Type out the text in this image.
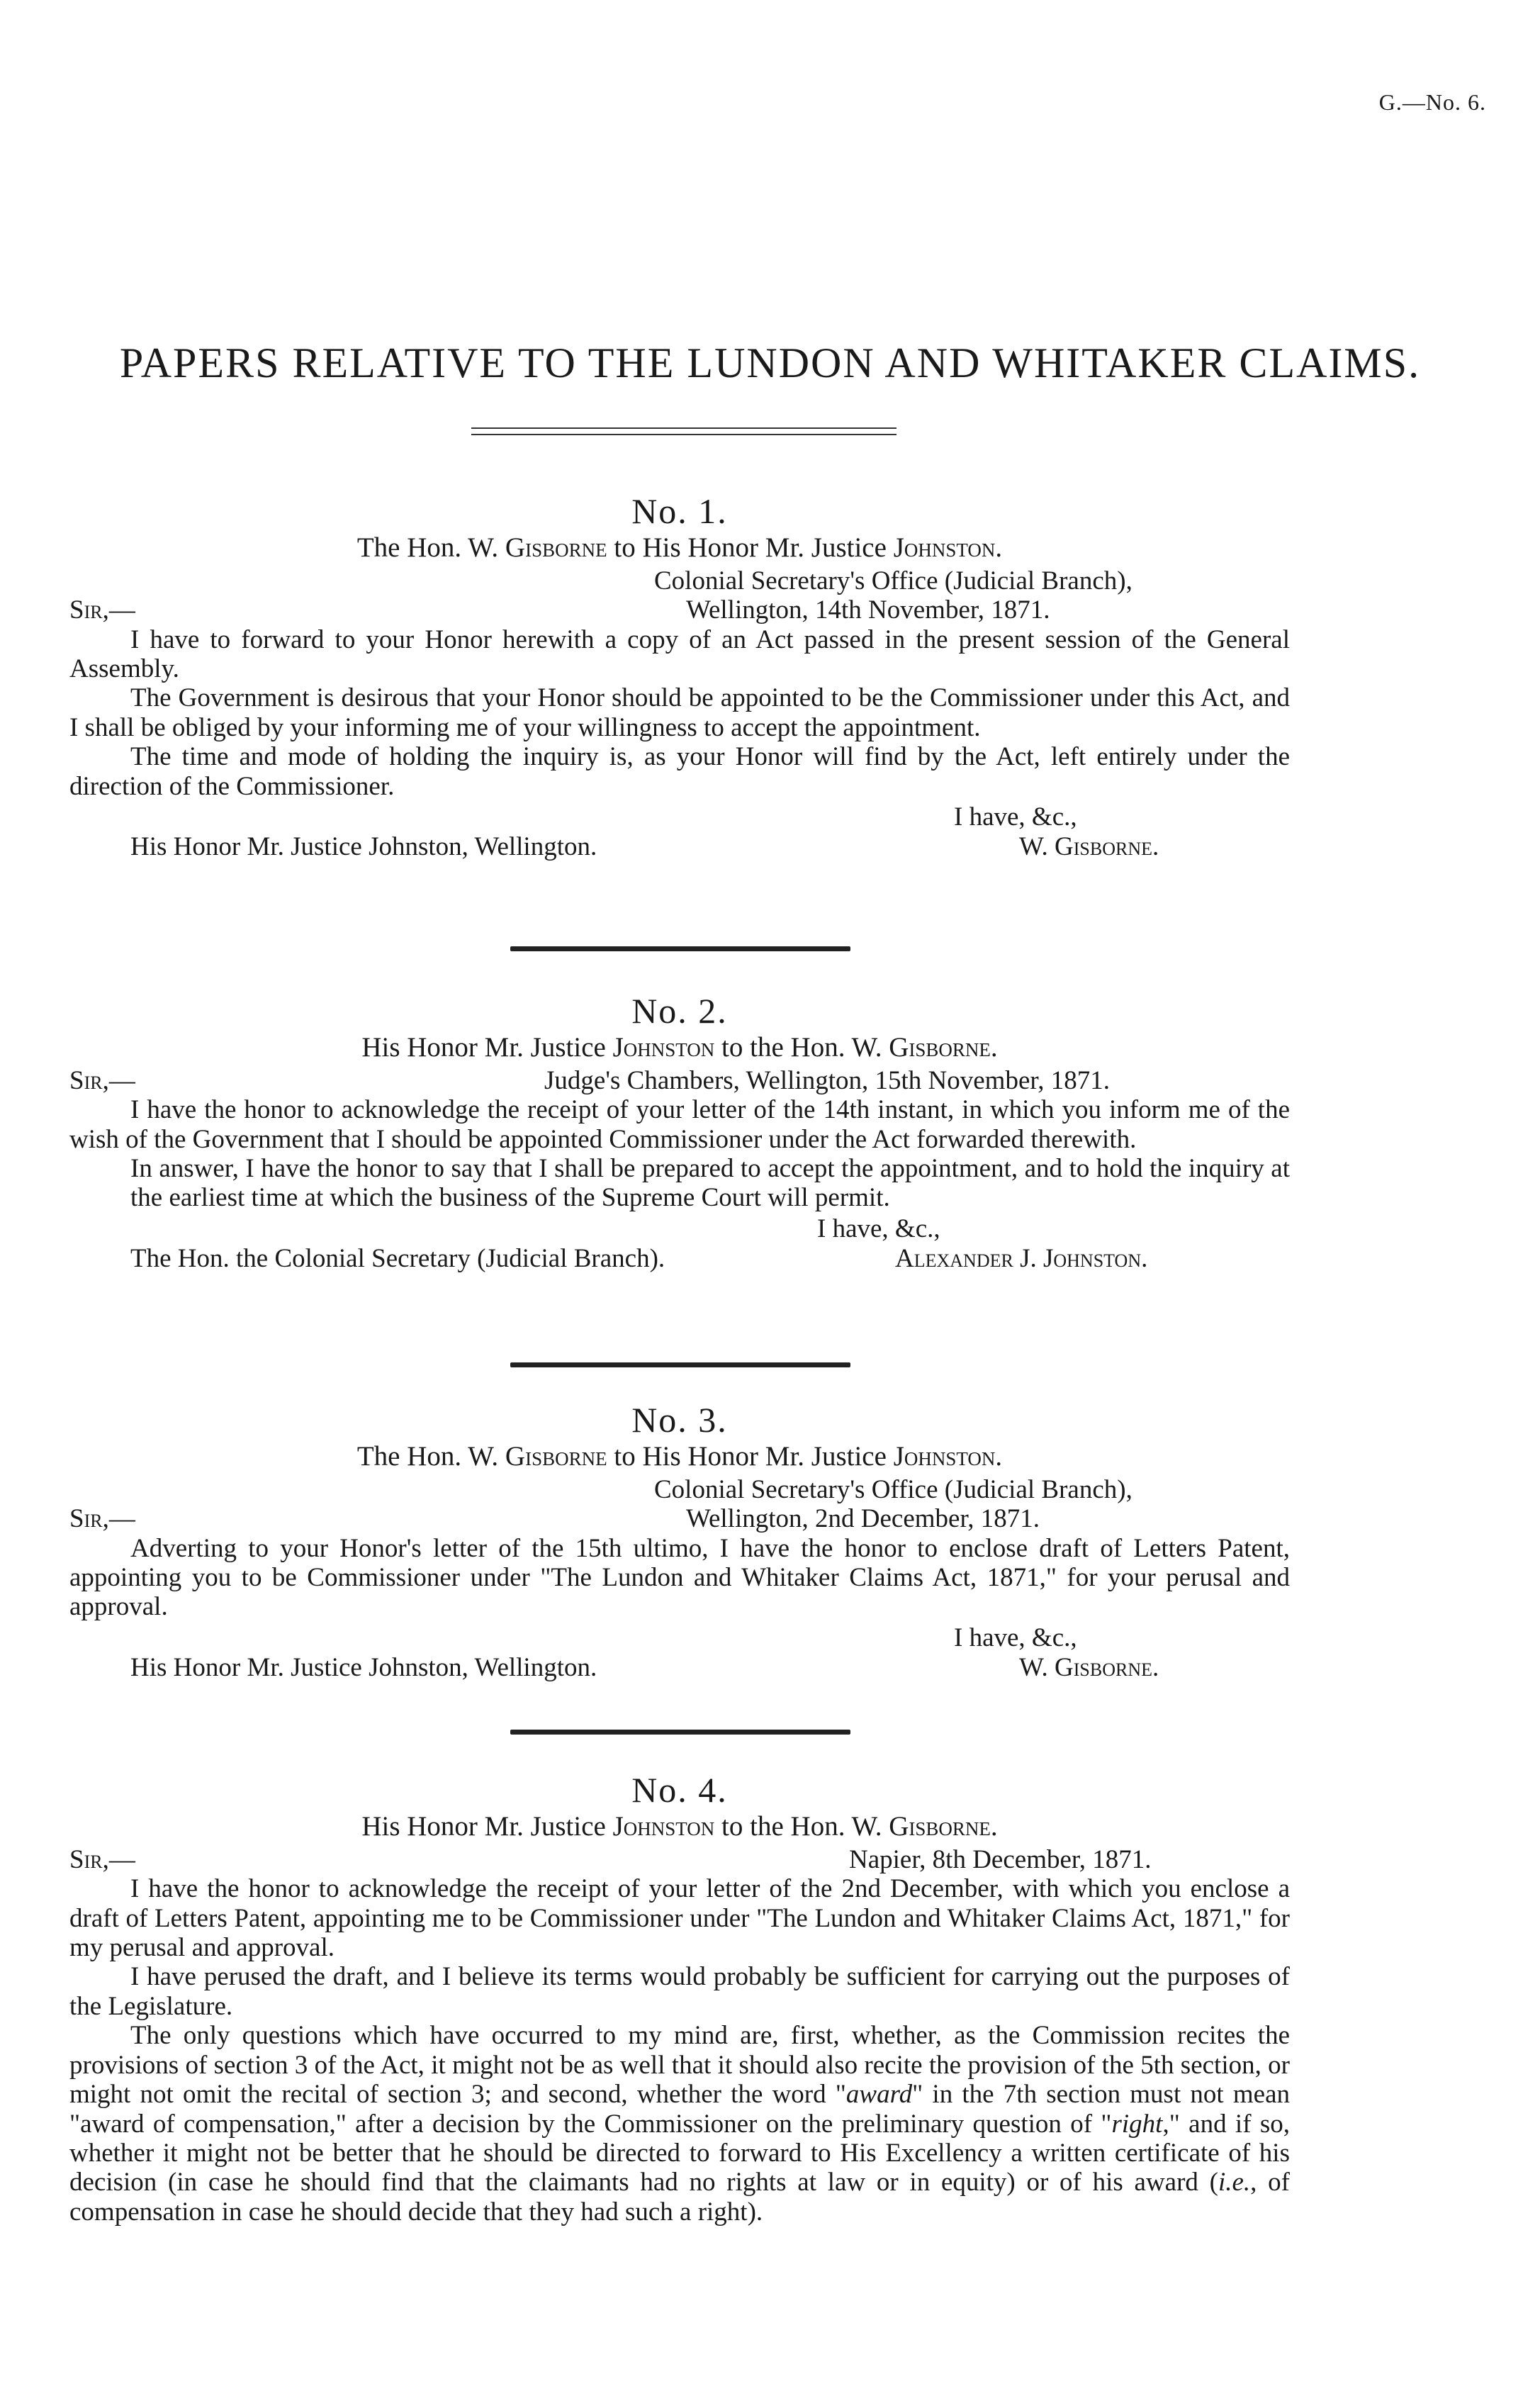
G.—No. 6.
PAPERS RELATIVE TO THE LUNDON AND WHITAKER CLAIMS.
No. 1.
The Hon. W. Gisborne to His Honor Mr. Justice Johnston.
Colonial Secretary's Office (Judicial Branch),
Wellington, 14th November, 1871.
Sir,—

I have to forward to your Honor herewith a copy of an Act passed in the present session of the General Assembly.

The Government is desirous that your Honor should be appointed to be the Commissioner under this Act, and I shall be obliged by your informing me of your willingness to accept the appointment.

The time and mode of holding the inquiry is, as your Honor will find by the Act, left entirely under the direction of the Commissioner.

I have, &c.,
His Honor Mr. Justice Johnston, Wellington.	W. Gisborne.
No. 2.
His Honor Mr. Justice Johnston to the Hon. W. Gisborne.
Sir,—	Judge's Chambers, Wellington, 15th November, 1871.

I have the honor to acknowledge the receipt of your letter of the 14th instant, in which you inform me of the wish of the Government that I should be appointed Commissioner under the Act forwarded therewith.

In answer, I have the honor to say that I shall be prepared to accept the appointment, and to hold the inquiry at the earliest time at which the business of the Supreme Court will permit.

I have, &c.,
The Hon. the Colonial Secretary (Judicial Branch).	Alexander J. Johnston.
No. 3.
The Hon. W. Gisborne to His Honor Mr. Justice Johnston.
Colonial Secretary's Office (Judicial Branch),
Wellington, 2nd December, 1871.
Sir,—

Adverting to your Honor's letter of the 15th ultimo, I have the honor to enclose draft of Letters Patent, appointing you to be Commissioner under "The Lundon and Whitaker Claims Act, 1871," for your perusal and approval.

I have, &c.,
His Honor Mr. Justice Johnston, Wellington.	W. Gisborne.
No. 4.
His Honor Mr. Justice Johnston to the Hon. W. Gisborne.
Sir,—	Napier, 8th December, 1871.

I have the honor to acknowledge the receipt of your letter of the 2nd December, with which you enclose a draft of Letters Patent, appointing me to be Commissioner under "The Lundon and Whitaker Claims Act, 1871," for my perusal and approval.

I have perused the draft, and I believe its terms would probably be sufficient for carrying out the purposes of the Legislature.

The only questions which have occurred to my mind are, first, whether, as the Commission recites the provisions of section 3 of the Act, it might not be as well that it should also recite the provision of the 5th section, or might not omit the recital of section 3; and second, whether the word "award" in the 7th section must not mean "award of compensation," after a decision by the Commissioner on the preliminary question of "right," and if so, whether it might not be better that he should be directed to forward to His Excellency a written certificate of his decision (in case he should find that the claimants had no rights at law or in equity) or of his award (i.e., of compensation in case he should decide that they had such a right).
